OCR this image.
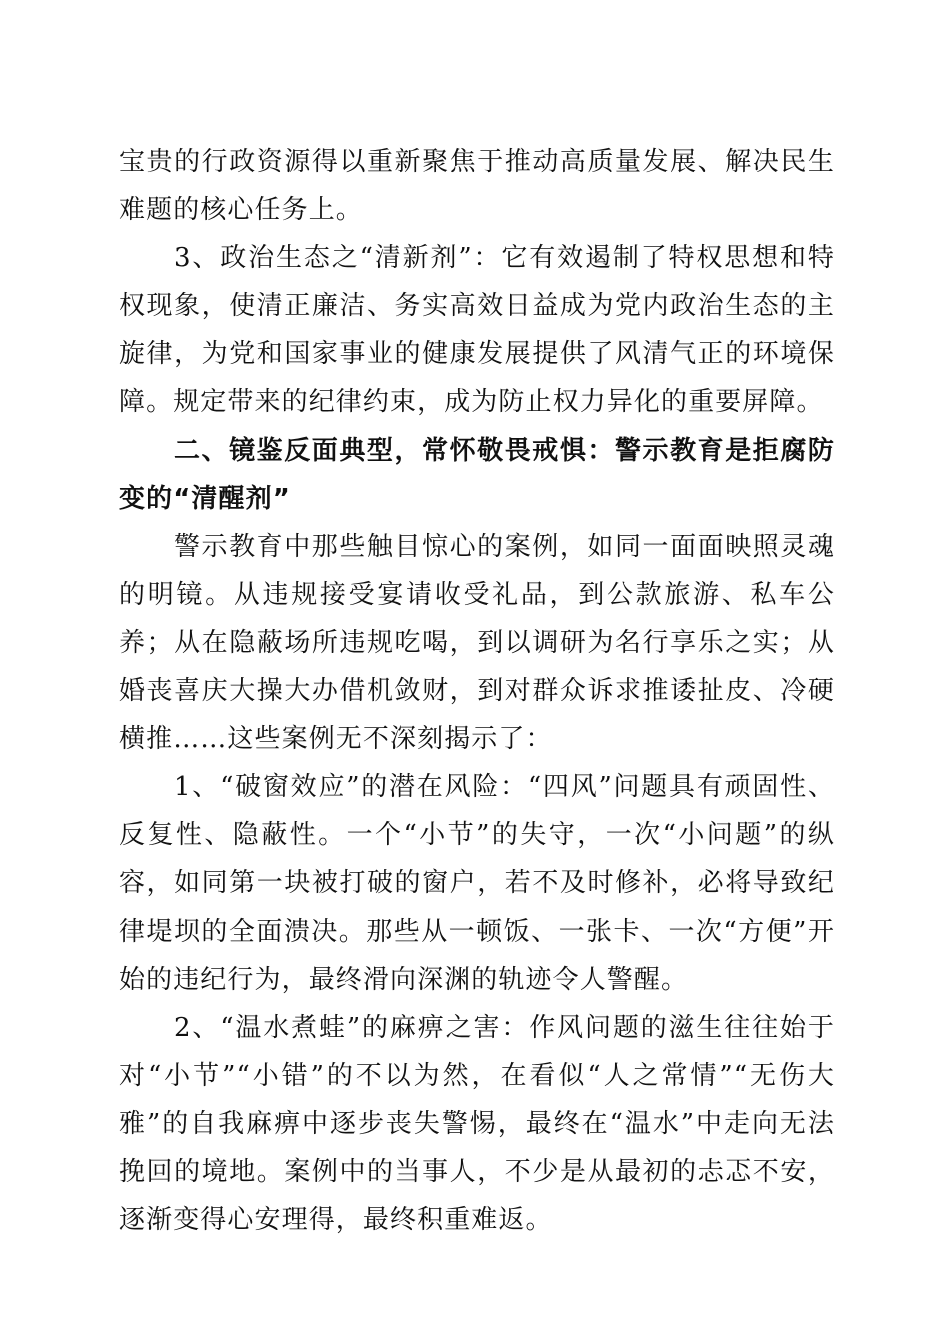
宝贵的行政资源得以重新聚焦于推动高质量发展、解决民生难题的核心任务上。

3、政治生态之“清新剂”：它有效遏制了特权思想和特权现象，使清正廉洁、务实高效日益成为党内政治生态的主旋律，为党和国家事业的健康发展提供了风清气正的环境保障。规定带来的纪律约束，成为防止权力异化的重要屏障。

二、镜鉴反面典型，常怀敬畏戒惧：警示教育是拒腐防变的“清醒剂”

警示教育中那些触目惊心的案例，如同一面面映照灵魂的明镜。从违规接受宴请收受礼品，到公款旅游、私车公养；从在隐蔽场所违规吃喝，到以调研为名行享乐之实；从婚丧喜庆大操大办借机敛财，到对群众诉求推诿扯皮、冷硬横推……这些案例无不深刻揭示了：

1、“破窗效应”的潜在风险：“四风”问题具有顽固性、反复性、隐蔽性。一个“小节”的失守，一次“小问题”的纵容，如同第一块被打破的窗户，若不及时修补，必将导致纪律堤坝的全面溃决。那些从一顿饭、一张卡、一次“方便”开始的违纪行为，最终滑向深渊的轨迹令人警醒。

2、“温水煮蛙”的麻痹之害：作风问题的滋生往往始于对“小节”“小错”的不以为然，在看似“人之常情”“无伤大雅”的自我麻痹中逐步丧失警惕，最终在“温水”中走向无法挽回的境地。案例中的当事人，不少是从最初的忐忑不安，逐渐变得心安理得，最终积重难返。
